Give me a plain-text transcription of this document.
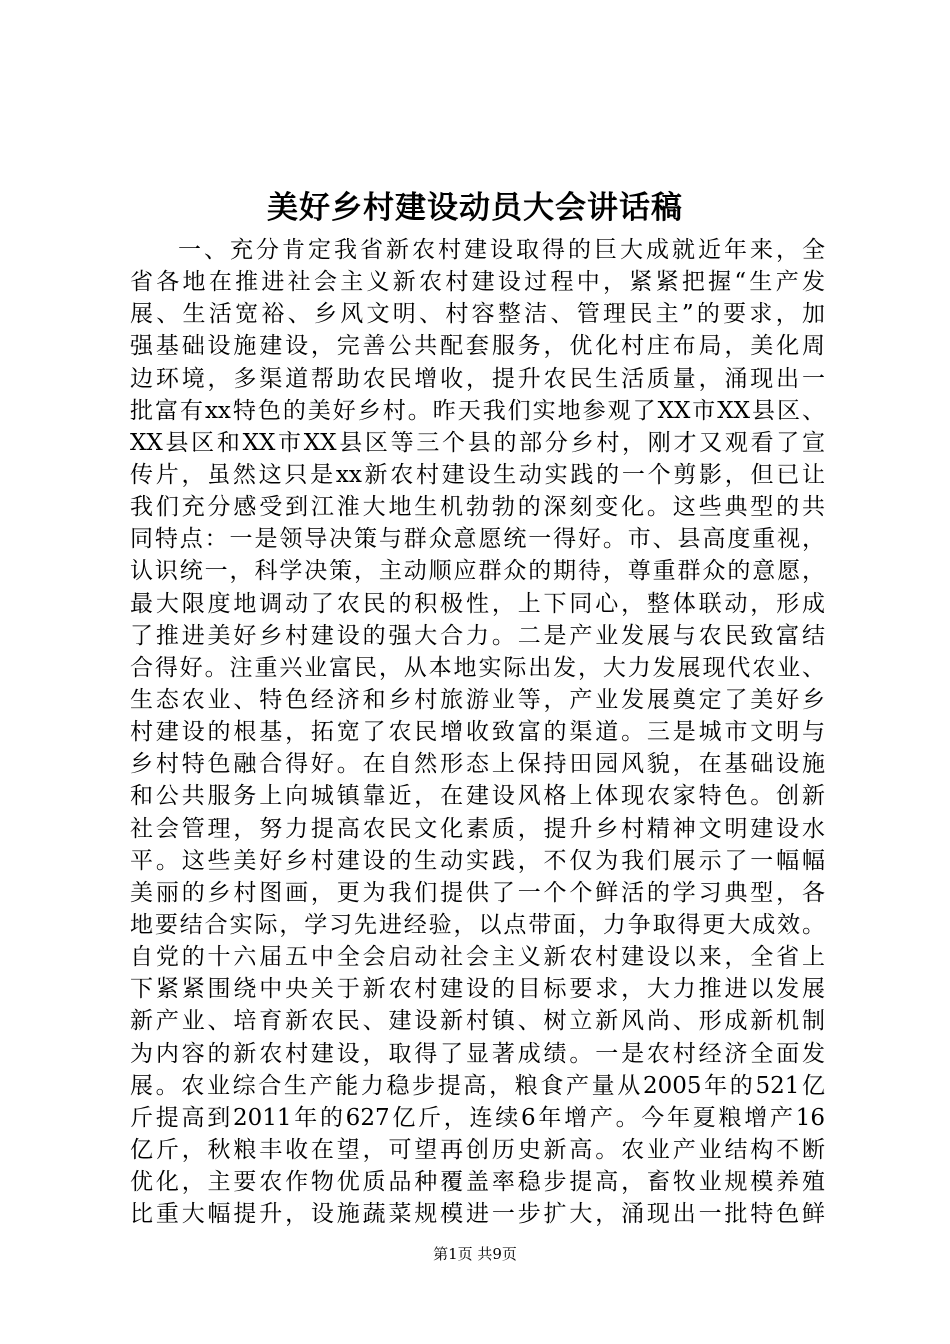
美好乡村建设动员大会讲话稿
一、充分肯定我省新农村建设取得的巨大成就近年来，全
省各地在推进社会主义新农村建设过程中，紧紧把握“生产发
展、生活宽裕、乡风文明、村容整洁、管理民主”的要求，加
强基础设施建设，完善公共配套服务，优化村庄布局，美化周
边环境，多渠道帮助农民增收，提升农民生活质量，涌现出一
批富有xx特色的美好乡村。昨天我们实地参观了XX市XX县区、
XX县区和XX市XX县区等三个县的部分乡村，刚才又观看了宣
传片，虽然这只是xx新农村建设生动实践的一个剪影，但已让
我们充分感受到江淮大地生机勃勃的深刻变化。这些典型的共
同特点：一是领导决策与群众意愿统一得好。市、县高度重视，
认识统一，科学决策，主动顺应群众的期待，尊重群众的意愿，
最大限度地调动了农民的积极性，上下同心，整体联动，形成
了推进美好乡村建设的强大合力。二是产业发展与农民致富结
合得好。注重兴业富民，从本地实际出发，大力发展现代农业、
生态农业、特色经济和乡村旅游业等，产业发展奠定了美好乡
村建设的根基，拓宽了农民增收致富的渠道。三是城市文明与
乡村特色融合得好。在自然形态上保持田园风貌，在基础设施
和公共服务上向城镇靠近，在建设风格上体现农家特色。创新
社会管理，努力提高农民文化素质，提升乡村精神文明建设水
平。这些美好乡村建设的生动实践，不仅为我们展示了一幅幅
美丽的乡村图画，更为我们提供了一个个鲜活的学习典型，各
地要结合实际，学习先进经验，以点带面，力争取得更大成效。
自党的十六届五中全会启动社会主义新农村建设以来，全省上
下紧紧围绕中央关于新农村建设的目标要求，大力推进以发展
新产业、培育新农民、建设新村镇、树立新风尚、形成新机制
为内容的新农村建设，取得了显著成绩。一是农村经济全面发
展。农业综合生产能力稳步提高，粮食产量从2005年的521亿
斤提高到2011年的627亿斤，连续6年增产。今年夏粮增产16
亿斤，秋粮丰收在望，可望再创历史新高。农业产业结构不断
优化，主要农作物优质品种覆盖率稳步提高，畜牧业规模养殖
比重大幅提升，设施蔬菜规模进一步扩大，涌现出一批特色鲜
第1页 共9页
